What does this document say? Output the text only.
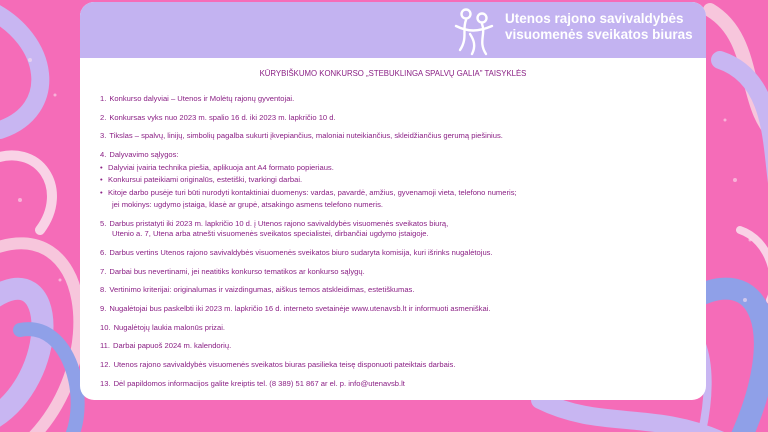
Utenos rajono savivaldybės
visuomenės sveikatos biuras
KŪRYBIŠKUMO KONKURSO „STEBUKLINGA SPALVŲ GALIA" TAISYKLĖS
1. Konkurso dalyviai – Utenos ir Molėtų rajonų gyventojai.
2. Konkursas vyks nuo 2023 m. spalio 16 d. iki 2023 m. lapkričio 10 d.
3. Tikslas – spalvų, linijų, simbolių pagalba sukurti įkvepiančius, maloniai nuteikiančius, skleidžiančius gerumą piešinius.
4. Dalyvavimo sąlygos:
• Dalyviai įvairia technika piešia, aplikuoja ant A4 formato popieriaus.
• Konkursui pateikiami originalūs, estetiški, tvarkingi darbai.
• Kitoje darbo pusėje turi būti nurodyti kontaktiniai duomenys: vardas, pavardė, amžius, gyvenamoji vieta, telefono numeris;
jei mokinys: ugdymo įstaiga, klasė ar grupė, atsakingo asmens telefono numeris.
5. Darbus pristatyti iki 2023 m. lapkričio 10 d. į Utenos rajono savivaldybės visuomenės sveikatos biurą,
Utenio a. 7, Utena arba atnešti visuomenės sveikatos specialistei, dirbančiai ugdymo įstaigoje.
6. Darbus vertins Utenos rajono savivaldybės visuomenės sveikatos biuro sudaryta komisija, kuri išrinks nugalėtojus.
7. Darbai bus nevertinami, jei neatitiks konkurso tematikos ar konkurso sąlygų.
8. Vertinimo kriterijai: originalumas ir vaizdingumas, aiškus temos atskleidimas, estetiškumas.
9. Nugalėtojai bus paskelbti iki 2023 m. lapkričio 16 d. interneto svetainėje www.utenavsb.lt ir informuoti asmeniškai.
10. Nugalėtojų laukia malonūs prizai.
11. Darbai papuoš 2024 m. kalendorių.
12. Utenos rajono savivaldybės visuomenės sveikatos biuras pasilieka teisę disponuoti pateiktais darbais.
13. Dėl papildomos informacijos galite kreiptis tel. (8 389) 51 867 ar el. p. info@utenavsb.lt
